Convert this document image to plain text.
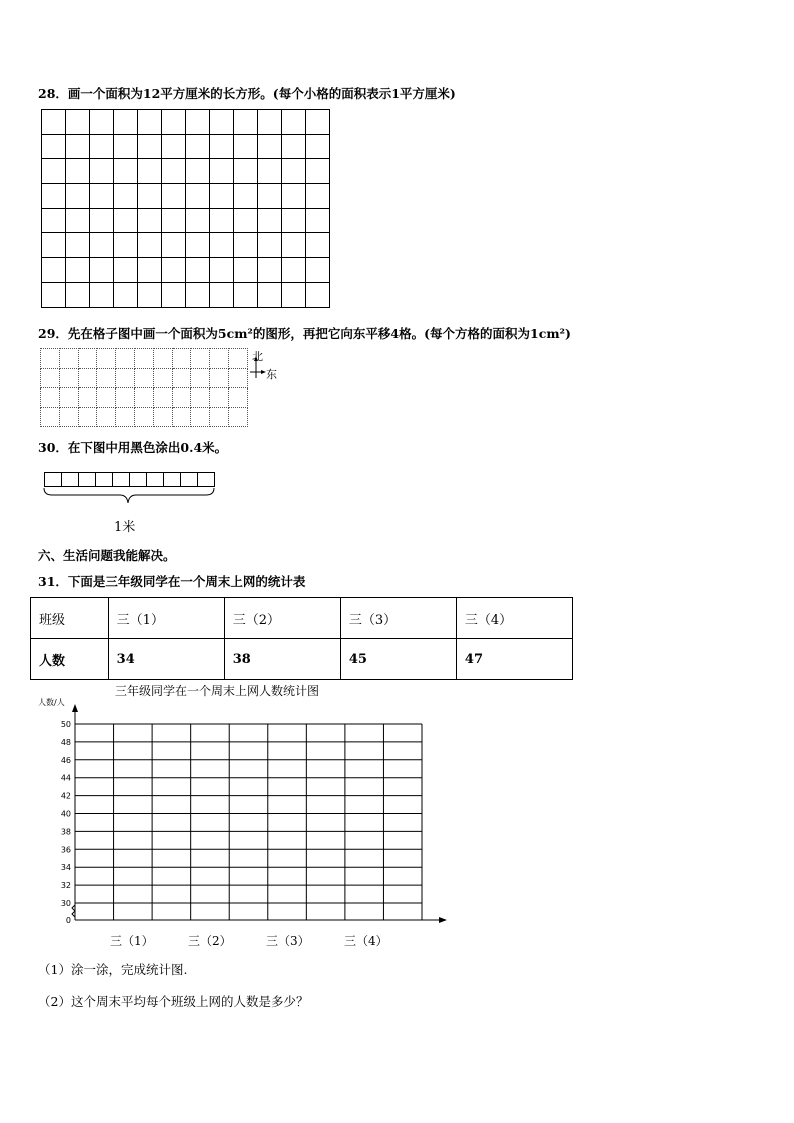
28．画一个面积为12平方厘米的长方形。(每个小格的面积表示1平方厘米)

29．先在格子图中画一个面积为5cm²的图形，再把它向东平移4格。(每个方格的面积为1cm²)

北
东
30．在下图中用黑色涂出0.4米。

1米
六、生活问题我能解决。
31．下面是三年级同学在一个周末上网的统计表
班级	三（1）	三（2）	三（3）	三（4）
人数	34	38	45	47
三年级同学在一个周末上网人数统计图
人数/人
50
48
46
44
42
40
38
36
34
32
30
0
三（1）	三（2）	三（3）	三（4）
（1）涂一涂，完成统计图.
（2）这个周末平均每个班级上网的人数是多少？
